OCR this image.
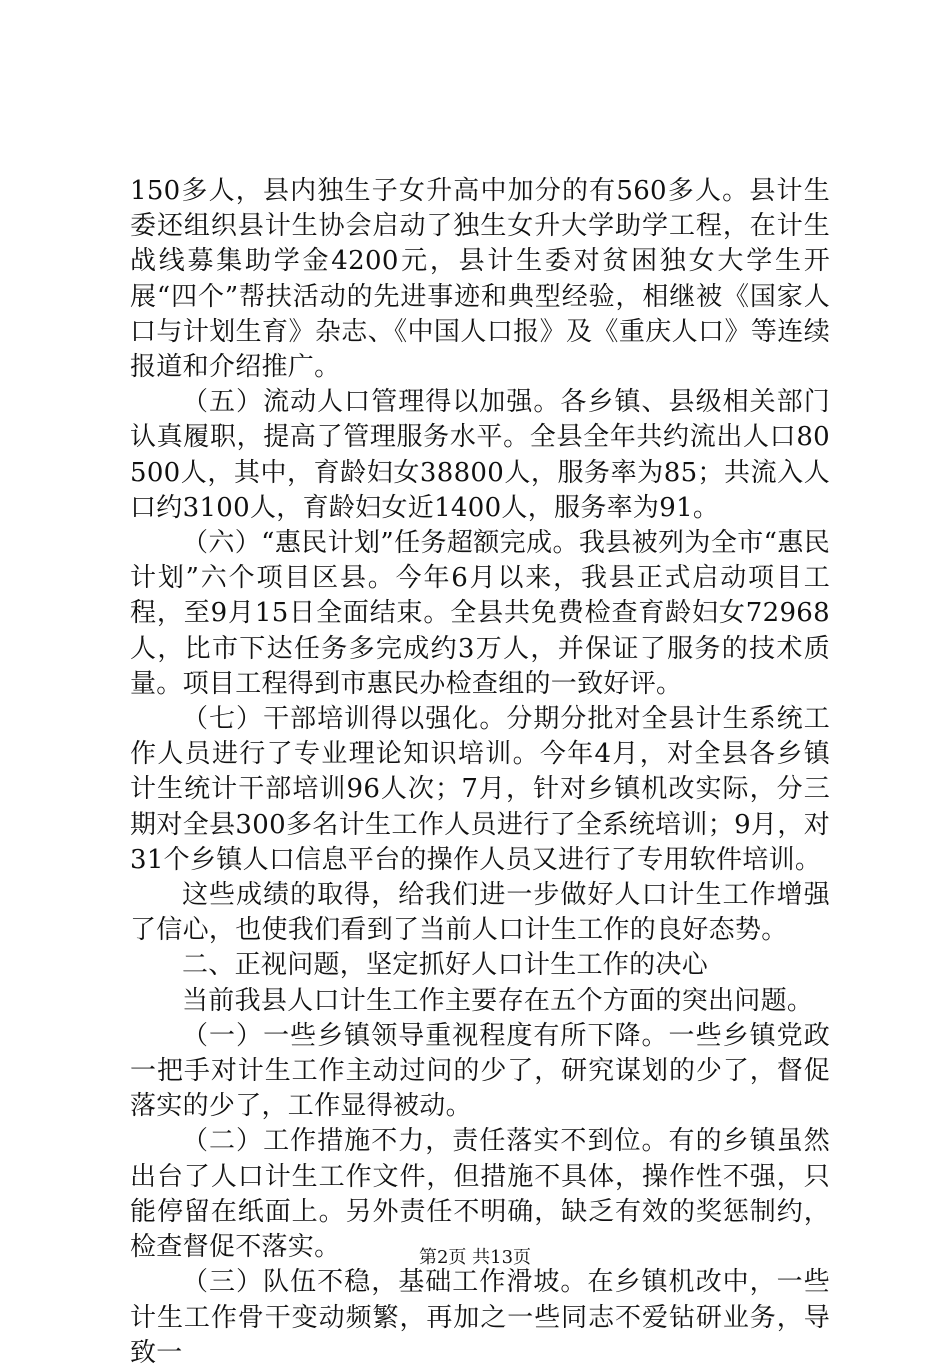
150多人，县内独生子女升高中加分的有560多人。县计生委还组织县计生协会启动了独生女升大学助学工程，在计生战线募集助学金4200元，县计生委对贫困独女大学生开展“四个”帮扶活动的先进事迹和典型经验，相继被《国家人口与计划生育》杂志、《中国人口报》及《重庆人口》等连续报道和介绍推广。

（五）流动人口管理得以加强。各乡镇、县级相关部门认真履职，提高了管理服务水平。全县全年共约流出人口80500人，其中，育龄妇女38800人，服务率为85；共流入人口约3100人，育龄妇女近1400人，服务率为91。

（六）“惠民计划”任务超额完成。我县被列为全市“惠民计划”六个项目区县。今年6月以来，我县正式启动项目工程，至9月15日全面结束。全县共免费检查育龄妇女72968人，比市下达任务多完成约3万人，并保证了服务的技术质量。项目工程得到市惠民办检查组的一致好评。

（七）干部培训得以强化。分期分批对全县计生系统工作人员进行了专业理论知识培训。今年4月，对全县各乡镇计生统计干部培训96人次；7月，针对乡镇机改实际，分三期对全县300多名计生工作人员进行了全系统培训；9月，对31个乡镇人口信息平台的操作人员又进行了专用软件培训。

这些成绩的取得，给我们进一步做好人口计生工作增强了信心，也使我们看到了当前人口计生工作的良好态势。

二、正视问题，坚定抓好人口计生工作的决心

当前我县人口计生工作主要存在五个方面的突出问题。

（一）一些乡镇领导重视程度有所下降。一些乡镇党政一把手对计生工作主动过问的少了，研究谋划的少了，督促落实的少了，工作显得被动。

（二）工作措施不力，责任落实不到位。有的乡镇虽然出台了人口计生工作文件，但措施不具体，操作性不强，只能停留在纸面上。另外责任不明确，缺乏有效的奖惩制约，检查督促不落实。

（三）队伍不稳，基础工作滑坡。在乡镇机改中，一些计生工作骨干变动频繁，再加之一些同志不爱钻研业务，导致一

第2页 共13页
